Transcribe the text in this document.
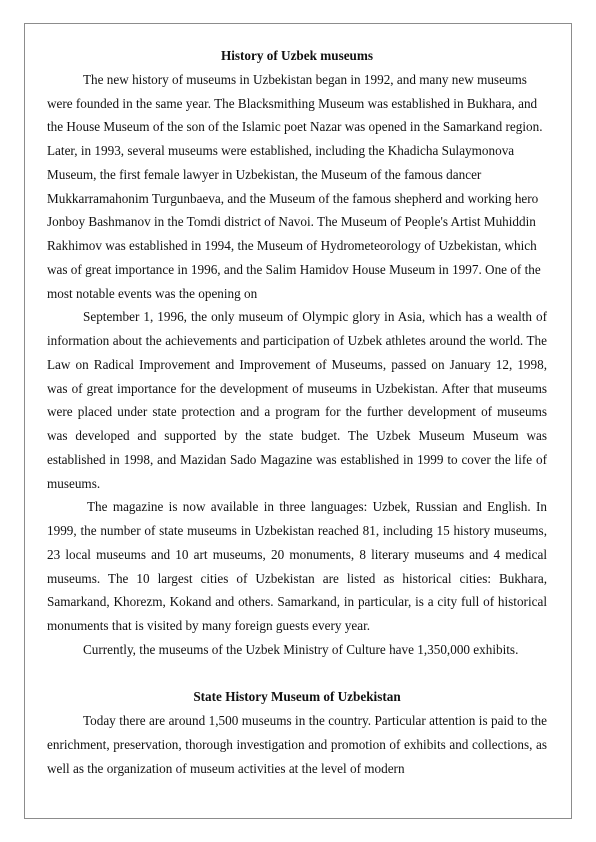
History of Uzbek museums

The new history of museums in Uzbekistan began in 1992, and many new museums were founded in the same year. The Blacksmithing Museum was established in Bukhara, and the House Museum of the son of the Islamic poet Nazar was opened in the Samarkand region. Later, in 1993, several museums were established, including the Khadicha Sulaymonova Museum, the first female lawyer in Uzbekistan, the Museum of the famous dancer Mukkarramahonim Turgunbaeva, and the Museum of the famous shepherd and working hero Jonboy Bashmanov in the Tomdi district of Navoi. The Museum of People's Artist Muhiddin Rakhimov was established in 1994, the Museum of Hydrometeorology of Uzbekistan, which was of great importance in 1996, and the Salim Hamidov House Museum in 1997. One of the most notable events was the opening on

September 1, 1996, the only museum of Olympic glory in Asia, which has a wealth of information about the achievements and participation of Uzbek athletes around the world. The Law on Radical Improvement and Improvement of Museums, passed on January 12, 1998, was of great importance for the development of museums in Uzbekistan. After that museums were placed under state protection and a program for the further development of museums was developed and supported by the state budget. The Uzbek Museum Museum was established in 1998, and Mazidan Sado Magazine was established in 1999 to cover the life of museums.

The magazine is now available in three languages: Uzbek, Russian and English. In 1999, the number of state museums in Uzbekistan reached 81, including 15 history museums, 23 local museums and 10 art museums, 20 monuments, 8 literary museums and 4 medical museums. The 10 largest cities of Uzbekistan are listed as historical cities: Bukhara, Samarkand, Khorezm, Kokand and others. Samarkand, in particular, is a city full of historical monuments that is visited by many foreign guests every year.

Currently, the museums of the Uzbek Ministry of Culture have 1,350,000 exhibits.

State History Museum of Uzbekistan

Today there are around 1,500 museums in the country. Particular attention is paid to the enrichment, preservation, thorough investigation and promotion of exhibits and collections, as well as the organization of museum activities at the level of modern
